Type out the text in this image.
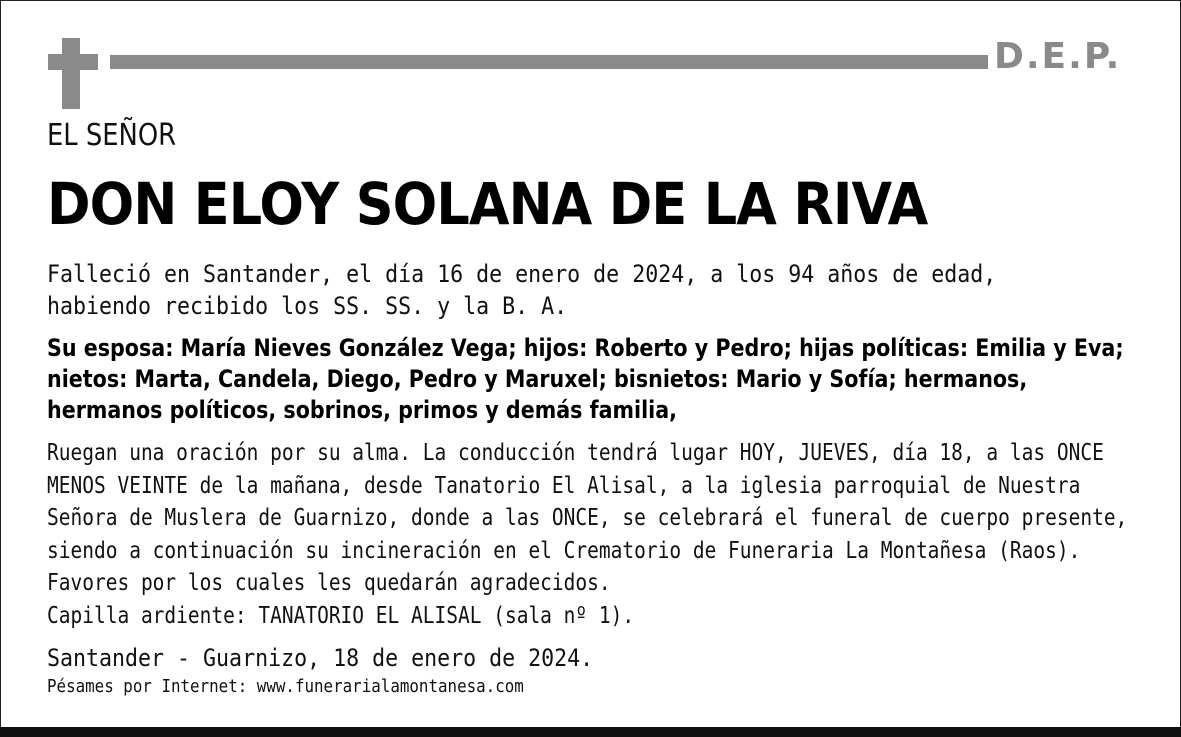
D.E.P.
EL SEÑOR
DON ELOY SOLANA DE LA RIVA
Falleció en Santander, el día 16 de enero de 2024, a los 94 años de edad,
habiendo recibido los SS. SS. y la B. A.
Su esposa: María Nieves González Vega; hijos: Roberto y Pedro; hijas políticas: Emilia y Eva;
nietos: Marta, Candela, Diego, Pedro y Maruxel; bisnietos: Mario y Sofía; hermanos,
hermanos políticos, sobrinos, primos y demás familia,
Ruegan una oración por su alma. La conducción tendrá lugar HOY, JUEVES, día 18, a las ONCE
MENOS VEINTE de la mañana, desde Tanatorio El Alisal, a la iglesia parroquial de Nuestra
Señora de Muslera de Guarnizo, donde a las ONCE, se celebrará el funeral de cuerpo presente,
siendo a continuación su incineración en el Crematorio de Funeraria La Montañesa (Raos).
Favores por los cuales les quedarán agradecidos.
Capilla ardiente: TANATORIO EL ALISAL (sala nº 1).
Santander - Guarnizo, 18 de enero de 2024.
Pésames por Internet: www.funerarialamontanesa.com
